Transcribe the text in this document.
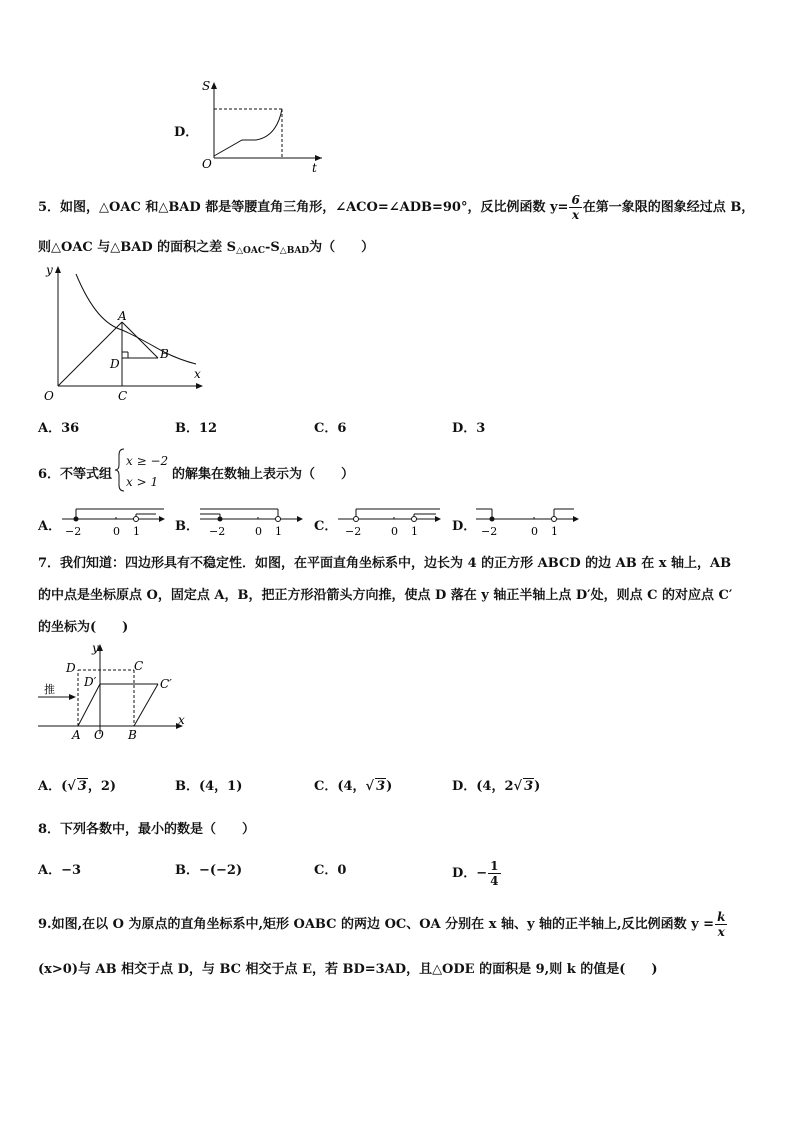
D．
S
t
O
5．如图，△OAC 和△BAD 都是等腰直角三角形，∠ACO=∠ADB=90°，反比例函数 $y= \frac{6}{x}$ 在第一象限的图象经过点 B，
则△OAC 与△BAD 的面积之差 $S_{\triangle OAC}-S_{\triangle BAD}$为（　　）
y
x
O
A
B
C
D
A．36	B．12	C．6	D．3
6．不等式组
x ≥ −2
x > 1	的解集在数轴上表示为（　　）
A． −2	0 1	B． −2	0 1 C． −2	0 1	D． −2	0 1
7．我们知道：四边形具有不稳定性．如图，在平面直角坐标系中，边长为 4 的正方形 ABCD 的边 AB 在 x 轴上，AB
的中点是坐标原点 O，固定点 A，B，把正方形沿箭头方向推，使点 D 落在 y 轴正半轴上点 D′处，则点 C 的对应点 C′
的坐标为(　　)
推
D	C
D′	C′
A O B
y
x
A．(√ 3，2)	B．(4，1)	C．(4，√ 3)	D．(4，2√ 3)
8．下列各数中，最小的数是（　　）
A．−3	B．−(−2)	C．0	D．− $\frac{1}{4}$
9.如图,在以 O 为原点的直角坐标系中,矩形 OABC 的两边 OC、OA 分别在 x 轴、y 轴的正半轴上,反比例函数 $y = \frac{k}{x}$
(x>0)与 AB 相交于点 D，与 BC 相交于点 E，若 BD=3AD，且△ODE 的面积是 9,则 k 的值是(　　)
